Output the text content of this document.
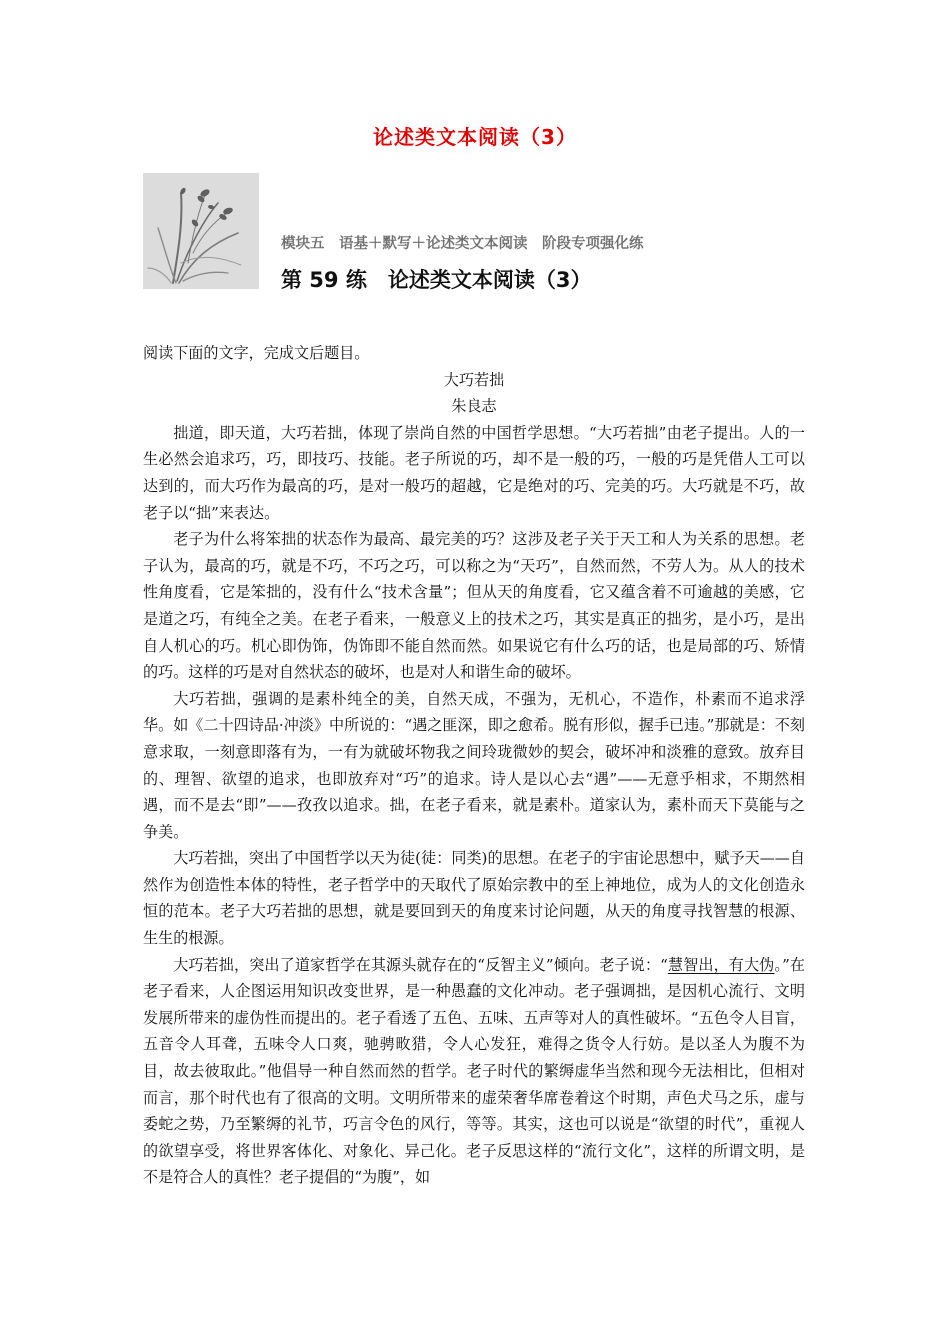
论述类文本阅读（3）
模块五　语基＋默写＋论述类文本阅读　阶段专项强化练
第 59 练　论述类文本阅读（3）

阅读下面的文字，完成文后题目。

大巧若拙

朱良志

拙道，即天道，大巧若拙，体现了崇尚自然的中国哲学思想。“大巧若拙”由老子提出。人的一生必然会追求巧，巧，即技巧、技能。老子所说的巧，却不是一般的巧，一般的巧是凭借人工可以达到的，而大巧作为最高的巧，是对一般巧的超越，它是绝对的巧、完美的巧。大巧就是不巧，故老子以“拙”来表达。

老子为什么将笨拙的状态作为最高、最完美的巧？这涉及老子关于天工和人为关系的思想。老子认为，最高的巧，就是不巧，不巧之巧，可以称之为“天巧”，自然而然，不劳人为。从人的技术性角度看，它是笨拙的，没有什么“技术含量”；但从天的角度看，它又蕴含着不可逾越的美感，它是道之巧，有纯全之美。在老子看来，一般意义上的技术之巧，其实是真正的拙劣，是小巧，是出自人机心的巧。机心即伪饰，伪饰即不能自然而然。如果说它有什么巧的话，也是局部的巧、矫情的巧。这样的巧是对自然状态的破坏，也是对人和谐生命的破坏。

大巧若拙，强调的是素朴纯全的美，自然天成，不强为，无机心，不造作，朴素而不追求浮华。如《二十四诗品·冲淡》中所说的：“遇之匪深，即之愈希。脱有形似，握手已违。”那就是：不刻意求取，一刻意即落有为，一有为就破坏物我之间玲珑微妙的契会，破坏冲和淡雅的意致。放弃目的、理智、欲望的追求，也即放弃对“巧”的追求。诗人是以心去“遇”——无意乎相求，不期然相遇，而不是去“即”——孜孜以追求。拙，在老子看来，就是素朴。道家认为，素朴而天下莫能与之争美。

大巧若拙，突出了中国哲学以天为徒(徒：同类)的思想。在老子的宇宙论思想中，赋予天——自然作为创造性本体的特性，老子哲学中的天取代了原始宗教中的至上神地位，成为人的文化创造永恒的范本。老子大巧若拙的思想，就是要回到天的角度来讨论问题，从天的角度寻找智慧的根源、生生的根源。

大巧若拙，突出了道家哲学在其源头就存在的“反智主义”倾向。老子说：“慧智出，有大伪。”在老子看来，人企图运用知识改变世界，是一种愚蠢的文化冲动。老子强调拙，是因机心流行、文明发展所带来的虚伪性而提出的。老子看透了五色、五味、五声等对人的真性破坏。“五色令人目盲，五音令人耳聋，五味令人口爽，驰骋畋猎，令人心发狂，难得之货令人行妨。是以圣人为腹不为目，故去彼取此。”他倡导一种自然而然的哲学。老子时代的繁缛虚华当然和现今无法相比，但相对而言，那个时代也有了很高的文明。文明所带来的虚荣奢华席卷着这个时期，声色犬马之乐，虚与委蛇之势，乃至繁缛的礼节，巧言令色的风行，等等。其实，这也可以说是“欲望的时代”，重视人的欲望享受，将世界客体化、对象化、异己化。老子反思这样的“流行文化”，这样的所谓文明，是不是符合人的真性？老子提倡的“为腹”，如
